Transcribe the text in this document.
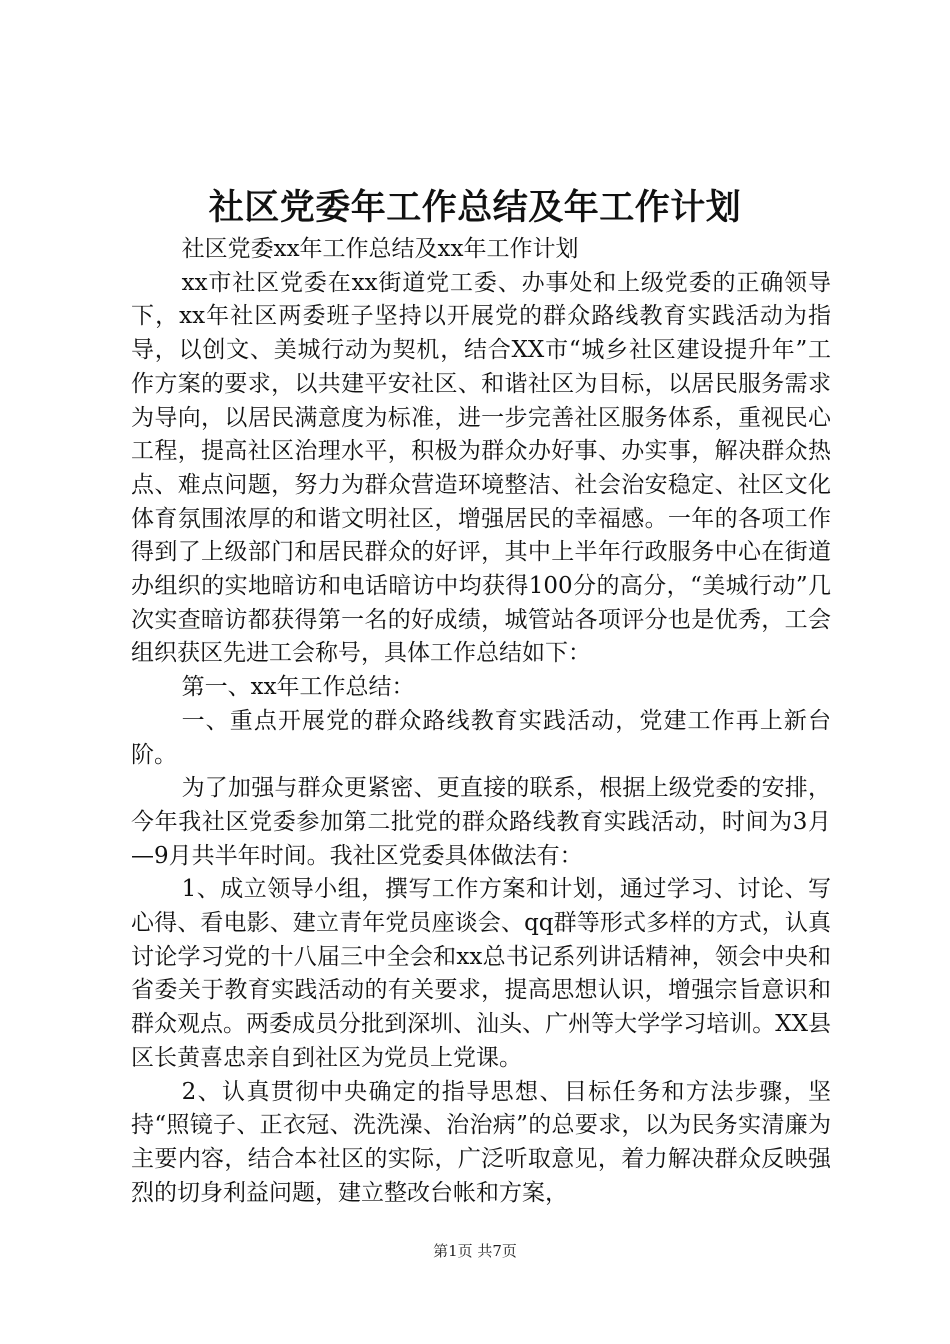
社区党委年工作总结及年工作计划

社区党委xx年工作总结及xx年工作计划

xx市社区党委在xx街道党工委、办事处和上级党委的正确领导下，xx年社区两委班子坚持以开展党的群众路线教育实践活动为指导，以创文、美城行动为契机，结合XX市“城乡社区建设提升年”工作方案的要求，以共建平安社区、和谐社区为目标，以居民服务需求为导向，以居民满意度为标准，进一步完善社区服务体系，重视民心工程，提高社区治理水平，积极为群众办好事、办实事，解决群众热点、难点问题，努力为群众营造环境整洁、社会治安稳定、社区文化体育氛围浓厚的和谐文明社区，增强居民的幸福感。一年的各项工作得到了上级部门和居民群众的好评，其中上半年行政服务中心在街道办组织的实地暗访和电话暗访中均获得100分的高分，“美城行动”几次实查暗访都获得第一名的好成绩，城管站各项评分也是优秀，工会组织获区先进工会称号，具体工作总结如下：

第一、xx年工作总结：

一、重点开展党的群众路线教育实践活动，党建工作再上新台阶。

为了加强与群众更紧密、更直接的联系，根据上级党委的安排，今年我社区党委参加第二批党的群众路线教育实践活动，时间为3月—9月共半年时间。我社区党委具体做法有：

1、成立领导小组，撰写工作方案和计划，通过学习、讨论、写心得、看电影、建立青年党员座谈会、qq群等形式多样的方式，认真讨论学习党的十八届三中全会和xx总书记系列讲话精神，领会中央和省委关于教育实践活动的有关要求，提高思想认识，增强宗旨意识和群众观点。两委成员分批到深圳、汕头、广州等大学学习培训。XX县区长黄喜忠亲自到社区为党员上党课。

2、认真贯彻中央确定的指导思想、目标任务和方法步骤，坚持“照镜子、正衣冠、洗洗澡、治治病”的总要求，以为民务实清廉为主要内容，结合本社区的实际，广泛听取意见，着力解决群众反映强烈的切身利益问题，建立整改台帐和方案，

第1页 共7页
